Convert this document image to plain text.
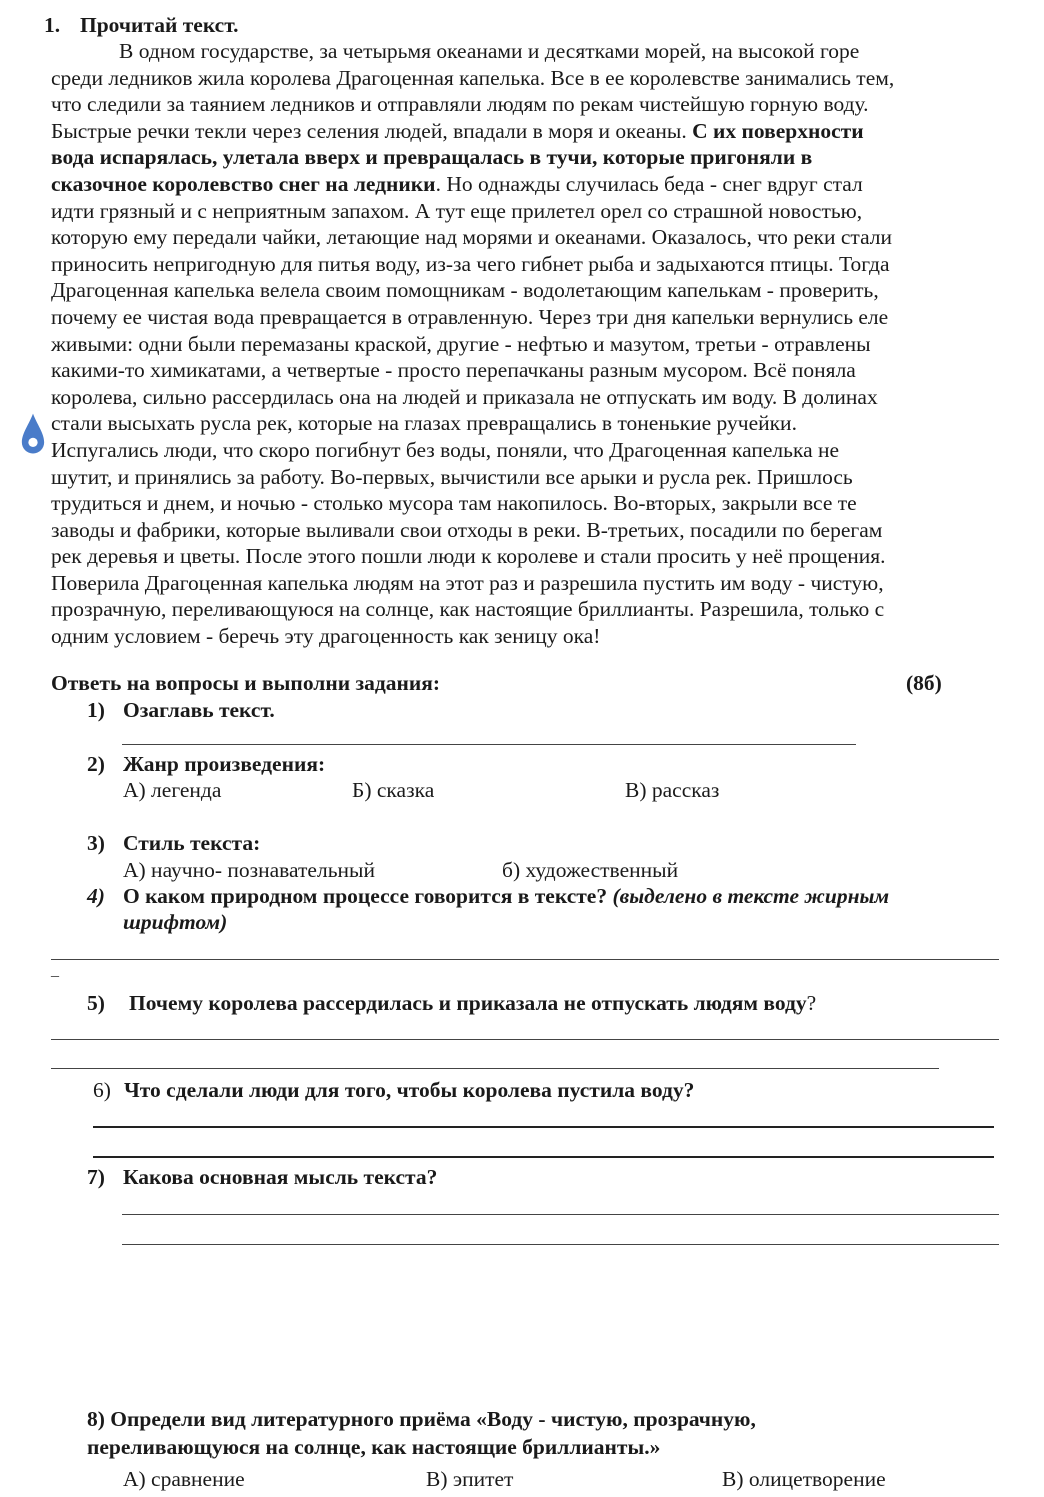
1. Прочитай текст.
В одном государстве, за четырьмя океанами и десятками морей, на высокой горе
среди ледников жила королева Драгоценная капелька. Все в ее королевстве занимались тем,
что следили за таянием ледников и отправляли людям по рекам чистейшую горную воду.
Быстрые речки текли через селения людей, впадали в моря и океаны. С их поверхности
вода испарялась, улетала вверх и превращалась в тучи, которые пригоняли в
сказочное королевство снег на ледники. Но однажды случилась беда - снег вдруг стал
идти грязный и с неприятным запахом. А тут еще прилетел орел со страшной новостью,
которую ему передали чайки, летающие над морями и океанами. Оказалось, что реки стали
приносить непригодную для питья воду, из-за чего гибнет рыба и задыхаются птицы. Тогда
Драгоценная капелька велела своим помощникам - водолетающим капелькам - проверить,
почему ее чистая вода превращается в отравленную. Через три дня капельки вернулись еле
живыми: одни были перемазаны краской, другие - нефтью и мазутом, третьи - отравлены
какими-то химикатами, а четвертые - просто перепачканы разным мусором. Всё поняла
королева, сильно рассердилась она на людей и приказала не отпускать им воду. В долинах
стали высыхать русла рек, которые на глазах превращались в тоненькие ручейки.
Испугались люди, что скоро погибнут без воды, поняли, что Драгоценная капелька не
шутит, и принялись за работу. Во-первых, вычистили все арыки и русла рек. Пришлось
трудиться и днем, и ночью - столько мусора там накопилось. Во-вторых, закрыли все те
заводы и фабрики, которые выливали свои отходы в реки. В-третьих, посадили по берегам
рек деревья и цветы. После этого пошли люди к королеве и стали просить у неё прощения.
Поверила Драгоценная капелька людям на этот раз и разрешила пустить им воду - чистую,
прозрачную, переливающуюся на солнце, как настоящие бриллианты. Разрешила, только с
одним условием - беречь эту драгоценность как зеницу ока!
Ответь на вопросы и выполни задания:	(8б)
1) Озаглавь текст.
2) Жанр произведения:
А) легенда	Б) сказка	В) рассказ
3) Стиль текста:
А) научно- познавательный	б) художественный
4) О каком природном процессе говорится в тексте? (выделено в тексте жирным
шрифтом)
_
5) Почему королева рассердилась и приказала не отпускать людям воду?
6) Что сделали люди для того, чтобы королева пустила воду?
7) Какова основная мысль текста?
8) Определи вид литературного приёма «Воду - чистую, прозрачную,
переливающуюся на солнце, как настоящие бриллианты.»
А) сравнение	В) эпитет	В) олицетворение
